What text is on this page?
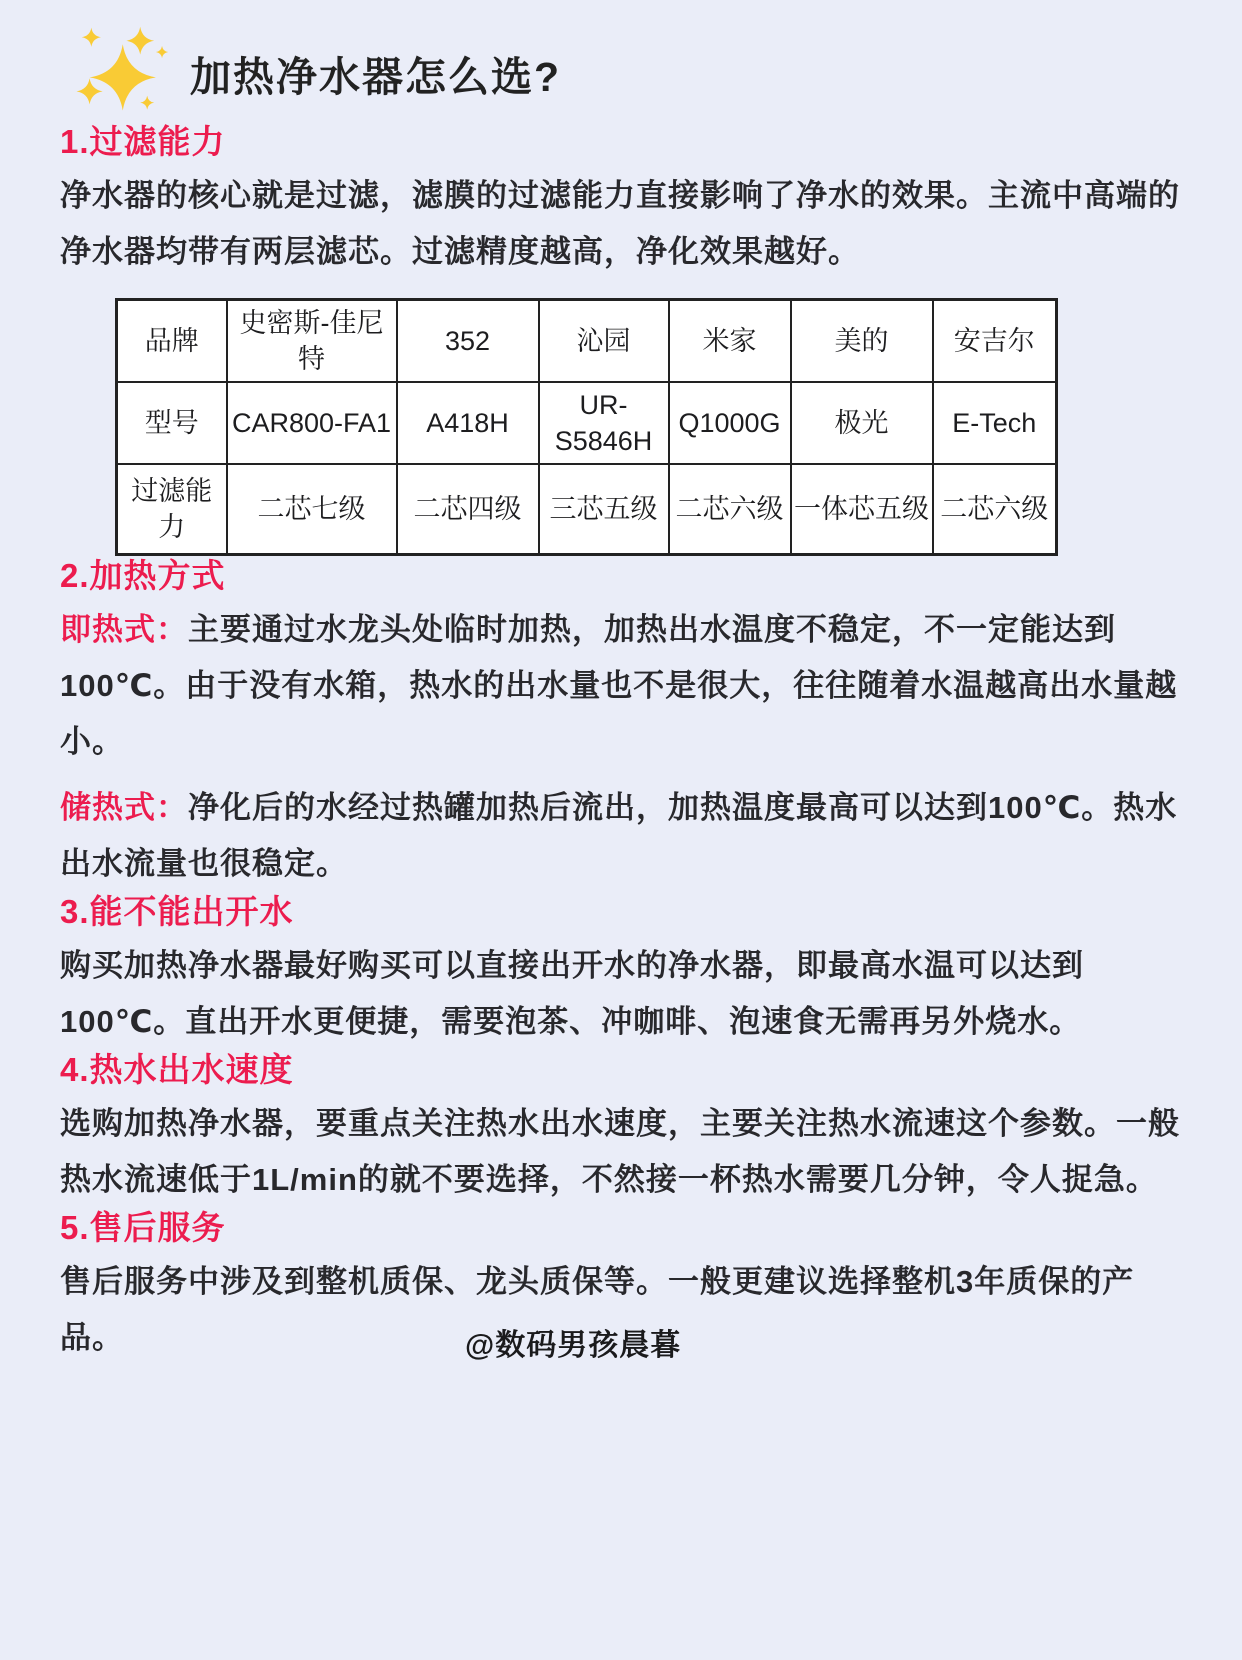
加热净水器怎么选?
1.过滤能力

净水器的核心就是过滤，滤膜的过滤能力直接影响了净水的效果。主流中高端的净水器均带有两层滤芯。过滤精度越高，净化效果越好。

品牌	史密斯-佳尼特	352	沁园	米家	美的	安吉尔
型号	CAR800-FA1	A418H	UR-S5846H	Q1000G	极光	E-Tech
过滤能力	二芯七级	二芯四级	三芯五级	二芯六级	一体芯五级	二芯六级
2.加热方式

即热式：主要通过水龙头处临时加热，加热出水温度不稳定，不一定能达到100℃。由于没有水箱，热水的出水量也不是很大，往往随着水温越高出水量越小。

储热式：净化后的水经过热罐加热后流出，加热温度最高可以达到100℃。热水出水流量也很稳定。

3.能不能出开水

购买加热净水器最好购买可以直接出开水的净水器，即最高水温可以达到100℃。直出开水更便捷，需要泡茶、冲咖啡、泡速食无需再另外烧水。

4.热水出水速度

选购加热净水器，要重点关注热水出水速度，主要关注热水流速这个参数。一般热水流速低于1L/min的就不要选择，不然接一杯热水需要几分钟，令人捉急。

5.售后服务

售后服务中涉及到整机质保、龙头质保等。一般更建议选择整机3年质保的产品。	@数码男孩晨暮
